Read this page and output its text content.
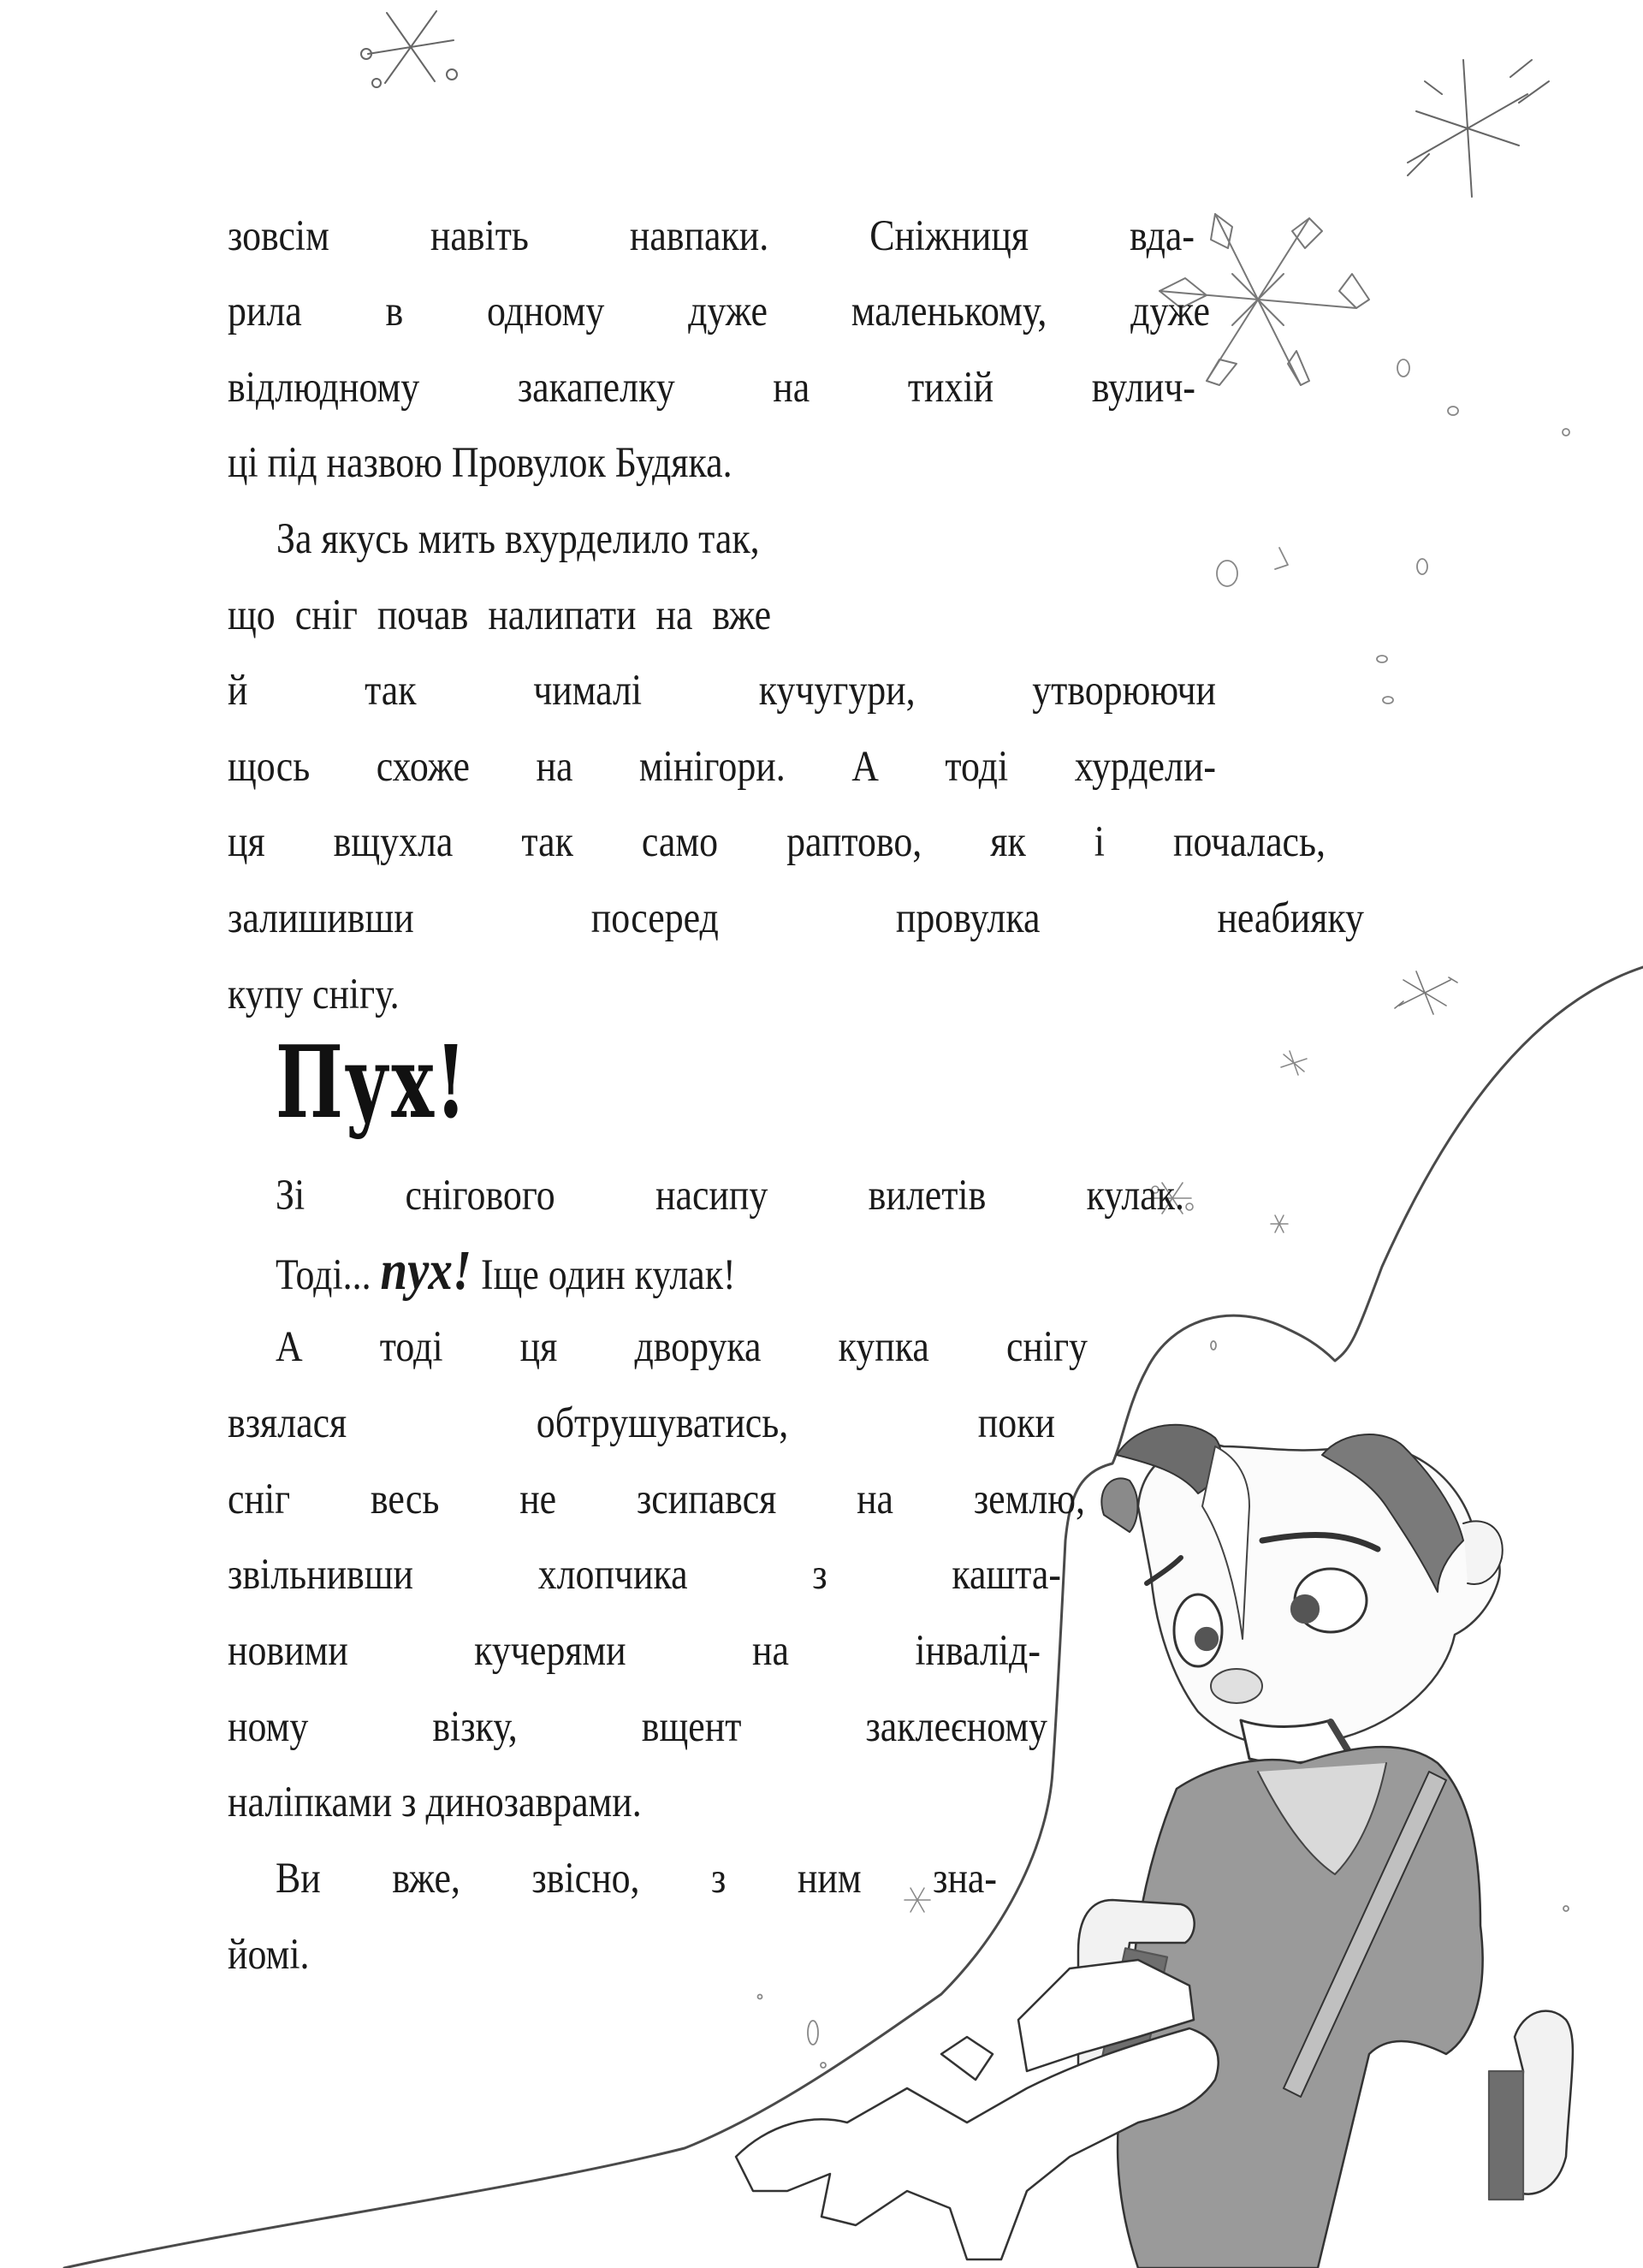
зовсім навіть навпаки. Сніжниця вда-
рила в одному дуже маленькому, дуже
відлюдному закапелку на тихій вулич-
ці під назвою Провулок Будяка.
За якусь мить вхурделило так,
що сніг почав налипати на вже
й так чималі кучугури, утворюючи
щось схоже на мінігори. А тоді хурдели-
ця вщухла так само раптово, як і почалась,
залишивши посеред провулка неабияку
купу снігу.
Пух!
Зі снігового насипу вилетів кулак.
Тоді... пух! Іще один кулак!
А тоді ця дворука купка снігу
взялася обтрушуватись, поки
сніг весь не зсипався на землю,
звільнивши хлопчика з кашта-
новими кучерями на інвалід-
ному візку, вщент заклеєному
наліпками з динозаврами.
Ви вже, звісно, з ним зна-
йомі.
